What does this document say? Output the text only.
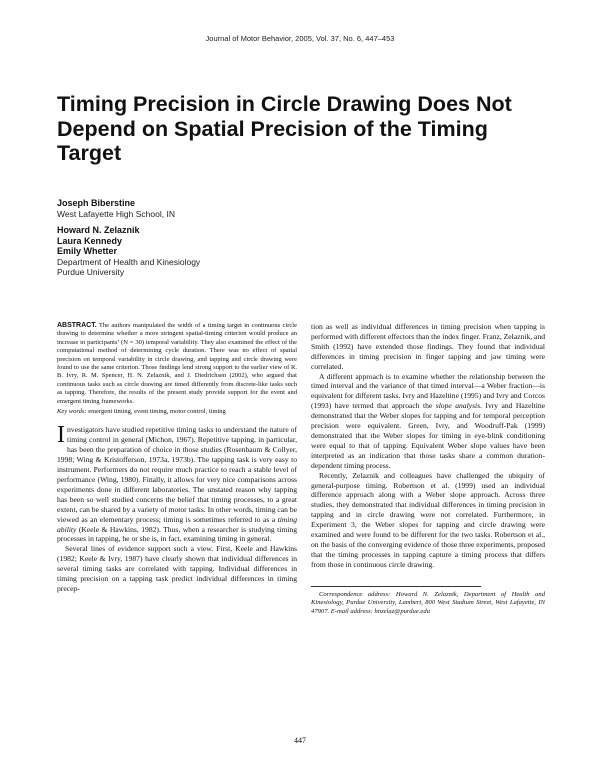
Journal of Motor Behavior, 2005, Vol. 37, No. 6, 447–453
Timing Precision in Circle Drawing Does Not Depend on Spatial Precision of the Timing Target
Joseph Biberstine
West Lafayette High School, IN
Howard N. Zelaznik
Laura Kennedy
Emily Whetter
Department of Health and Kinesiology
Purdue University
ABSTRACT. The authors manipulated the width of a timing target in continuous circle drawing to determine whether a more stringent spatial-timing criterion would produce an increase in participants’ (N = 30) temporal variability. They also examined the effect of the computational method of determining cycle duration. There was no effect of spatial precision on temporal variability in circle drawing, and tapping and circle drawing were found to use the same criterion. Those findings lend strong support to the earlier view of R. B. Ivry, R. M. Spencer, H. N. Zelaznik, and J. Diedrichsen (2002), who argued that continuous tasks such as circle drawing are timed differently from discrete-like tasks such as tapping. Therefore, the results of the present study provide support for the event and emergent timing frameworks.
Key words: emergent timing, event timing, motor control, timing

Investigators have studied repetitive timing tasks to understand the nature of timing control in general (Michon, 1967). Repetitive tapping, in particular, has been the preparation of choice in those studies (Rosenbaum & Collyer, 1998; Wing & Kristofferson, 1973a, 1973b). The tapping task is very easy to instrument. Performers do not require much practice to reach a stable level of performance (Wing, 1980). Finally, it allows for very nice comparisons across experiments done in different laboratories. The unstated reason why tapping has been so well studied concerns the belief that timing processes, to a great extent, can be shared by a variety of motor tasks. In other words, timing can be viewed as an elementary process; timing is sometimes referred to as a timing ability (Keele & Hawkins, 1982). Thus, when a researcher is studying timing processes in tapping, he or she is, in fact, examining timing in general.

Several lines of evidence support such a view. First, Keele and Hawkins (1982; Keele & Ivry, 1987) have clearly shown that individual differences in several timing tasks are correlated with tapping. Individual differences in timing precision on a tapping task predict individual differences in timing precep-

tion as well as individual differences in timing precision when tapping is performed with different effectors than the index finger. Franz, Zelaznik, and Smith (1992) have extended those findings. They found that individual differences in timing precision in finger tapping and jaw timing were correlated.

A different approach is to examine whether the relationship between the timed interval and the variance of that timed interval—a Weber fraction—is equivalent for different tasks. Ivry and Hazeltine (1995) and Ivry and Corcos (1993) have termed that approach the slope analysis. Ivry and Hazeltine demonstrated that the Weber slopes for tapping and for temporal perception precision were equivalent. Green, Ivry, and Woodruff-Pak (1999) demonstrated that the Weber slopes for timing in eye-blink conditioning were equal to that of tapping. Equivalent Weber slope values have been interpreted as an indication that those tasks share a common duration-dependent timing process.

Recently, Zelaznik and colleagues have challenged the ubiquity of general-purpose timing. Robertson et al. (1999) used an individual difference approach along with a Weber slope approach. Across three studies, they demonstrated that individual differences in timing precision in tapping and in circle drawing were not correlated. Furthermore, in Experiment 3, the Weber slopes for tapping and circle drawing were examined and were found to be different for the two tasks. Robertson et al., on the basis of the converging evidence of those three experiments, proposed that the timing processes in tapping capture a timing process that differs from those in continuous circle drawing.

Correspondence address: Howard N. Zelaznik, Department of Health and Kinesiology, Purdue University, Lambert, 800 West Stadium Street, West Lafayette, IN 47907. E-mail address: hnzelaz@purdue.edu
447
